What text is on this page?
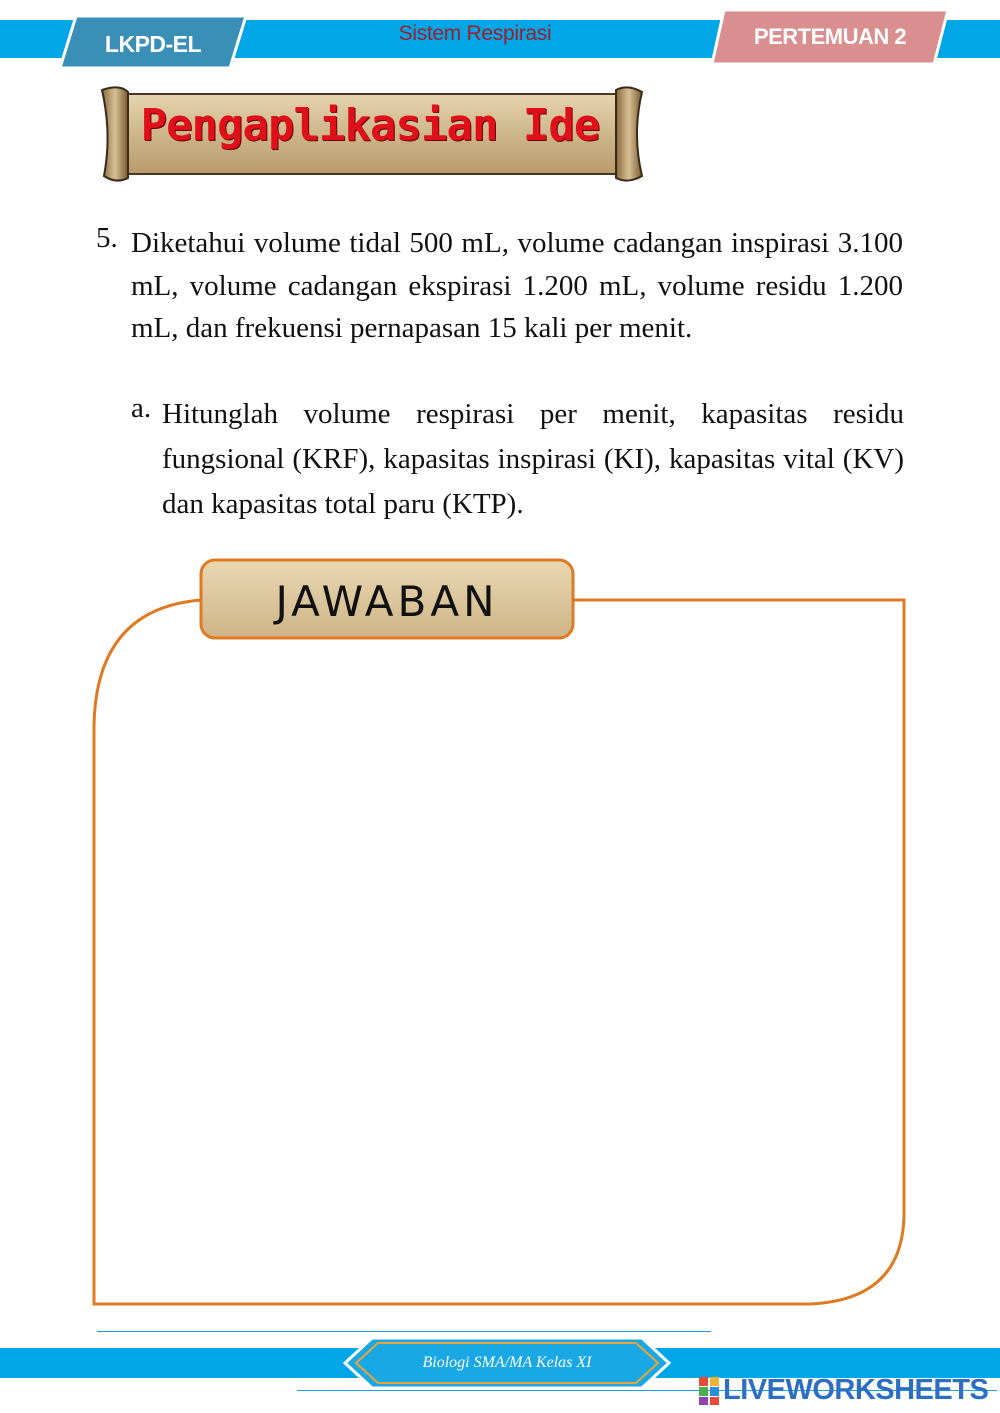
LKPD-EL	Sistem Respirasi	PERTEMUAN 2
Pengaplikasian Ide
5. Diketahui volume tidal 500 mL, volume cadangan inspirasi 3.100 mL, volume cadangan ekspirasi 1.200 mL, volume residu 1.200 mL, dan frekuensi pernapasan 15 kali per menit.
a. Hitunglah volume respirasi per menit, kapasitas residu fungsional (KRF), kapasitas inspirasi (KI), kapasitas vital (KV) dan kapasitas total paru (KTP).
JAWABAN
Biologi SMA/MA Kelas XI
LIVEWORKSHEETS
